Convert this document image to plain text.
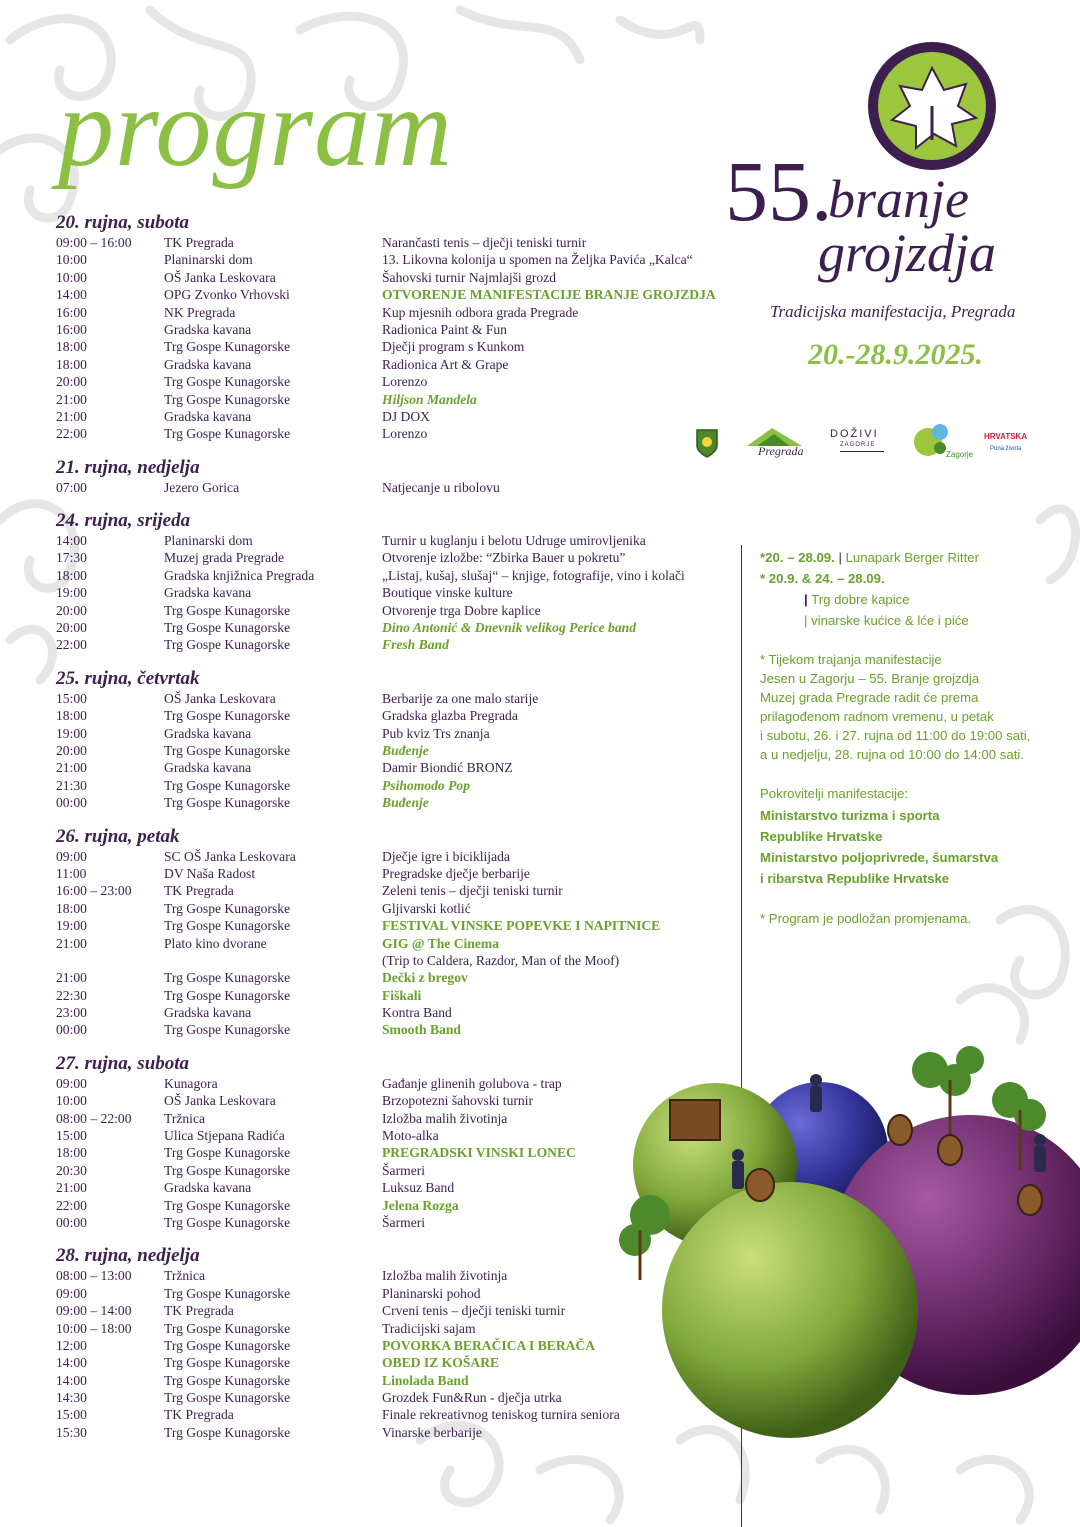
program
55.
branje
grojzdja
Tradicijska manifestacija, Pregrada
20.-28.9.2025.
Pregrada
DOŽIVI
ZAGORJE
Zagorje
HRVATSKA
Puna života
20. rujna, subota
09:00 – 16:00 TK Pregrada	Narančasti tenis – dječji teniski turnir
10:00	Planinarski dom	13. Likovna kolonija u spomen na Željka Pavića „Kalca“
10:00	OŠ Janka Leskovara	Šahovski turnir Najmlajši grozd
14:00	OPG Zvonko Vrhovski	OTVORENJE MANIFESTACIJE BRANJE GROJZDJA
16:00	NK Pregrada	Kup mjesnih odbora grada Pregrade
16:00	Gradska kavana	Radionica Paint & Fun
18:00	Trg Gospe Kunagorske	Dječji program s Kunkom
18:00	Gradska kavana	Radionica Art & Grape
20:00	Trg Gospe Kunagorske	Lorenzo
21:00	Trg Gospe Kunagorske	Hiljson Mandela
21:00	Gradska kavana	DJ DOX
22:00	Trg Gospe Kunagorske	Lorenzo
21. rujna, nedjelja
07:00	Jezero Gorica	Natjecanje u ribolovu
24. rujna, srijeda
14:00	Planinarski dom	Turnir u kuglanju i belotu Udruge umirovljenika
17:30	Muzej grada Pregrade	Otvorenje izložbe: “Zbirka Bauer u pokretu”
18:00	Gradska knjižnica Pregrada	„Listaj, kušaj, slušaj“ – knjige, fotografije, vino i kolači
19:00	Gradska kavana	Boutique vinske kulture
20:00	Trg Gospe Kunagorske	Otvorenje trga Dobre kaplice
20:00	Trg Gospe Kunagorske	Dino Antonić & Dnevnik velikog Perice band
22:00	Trg Gospe Kunagorske	Fresh Band
25. rujna, četvrtak
15:00	OŠ Janka Leskovara	Berbarije za one malo starije
18:00	Trg Gospe Kunagorske	Gradska glazba Pregrada
19:00	Gradska kavana	Pub kviz Trs znanja
20:00	Trg Gospe Kunagorske	Buđenje
21:00	Gradska kavana	Damir Biondić BRONZ
21:30	Trg Gospe Kunagorske	Psihomodo Pop
00:00	Trg Gospe Kunagorske	Buđenje
26. rujna, petak
09:00	SC OŠ Janka Leskovara	Dječje igre i biciklijada
11:00	DV Naša Radost	Pregradske dječje berbarije
16:00 – 23:00 TK Pregrada	Zeleni tenis – dječji teniski turnir
18:00	Trg Gospe Kunagorske	Gljivarski kotlić
19:00	Trg Gospe Kunagorske	FESTIVAL VINSKE POPEVKE I NAPITNICE
21:00	Plato kino dvorane	GIG @ The Cinema
(Trip to Caldera, Razdor, Man of the Moof)
21:00	Trg Gospe Kunagorske	Dečki z bregov
22:30	Trg Gospe Kunagorske	Fiškali
23:00	Gradska kavana	Kontra Band
00:00	Trg Gospe Kunagorske	Smooth Band
27. rujna, subota
09:00	Kunagora	Gađanje glinenih golubova - trap
10:00	OŠ Janka Leskovara	Brzopotezni šahovski turnir
08:00 – 22:00 Tržnica	Izložba malih životinja
15:00	Ulica Stjepana Radića	Moto-alka
18:00	Trg Gospe Kunagorske	PREGRADSKI VINSKI LONEC
20:30	Trg Gospe Kunagorske	Šarmeri
21:00	Gradska kavana	Luksuz Band
22:00	Trg Gospe Kunagorske	Jelena Rozga
00:00	Trg Gospe Kunagorske	Šarmeri
28. rujna, nedjelja
08:00 – 13:00 Tržnica	Izložba malih životinja
09:00	Trg Gospe Kunagorske	Planinarski pohod
09:00 – 14:00 TK Pregrada	Crveni tenis – dječji teniski turnir
10:00 – 18:00 Trg Gospe Kunagorske	Tradicijski sajam
12:00	Trg Gospe Kunagorske	POVORKA BERAČICA I BERAČA
14:00	Trg Gospe Kunagorske	OBED IZ KOŠARE
14:00	Trg Gospe Kunagorske	Linolada Band
14:30	Trg Gospe Kunagorske	Grozdek Fun&Run - dječja utrka
15:00	TK Pregrada	Finale rekreativnog teniskog turnira seniora
15:30	Trg Gospe Kunagorske	Vinarske berbarije
*20. – 28.09. | Lunapark Berger Ritter
* 20.9. & 24. – 28.09.
| Trg dobre kapice
| vinarske kućice & lće i piće
* Tijekom trajanja manifestacije
Jesen u Zagorju – 55. Branje grojzdja
Muzej grada Pregrade radit će prema
prilagođenom radnom vremenu, u petak
i subotu, 26. i 27. rujna od 11:00 do 19:00 sati,
a u nedjelju, 28. rujna od 10:00 do 14:00 sati.
Pokrovitelji manifestacije:
Ministarstvo turizma i sporta
Republike Hrvatske
Ministarstvo poljoprivrede, šumarstva
i ribarstva Republike Hrvatske
* Program je podložan promjenama.
